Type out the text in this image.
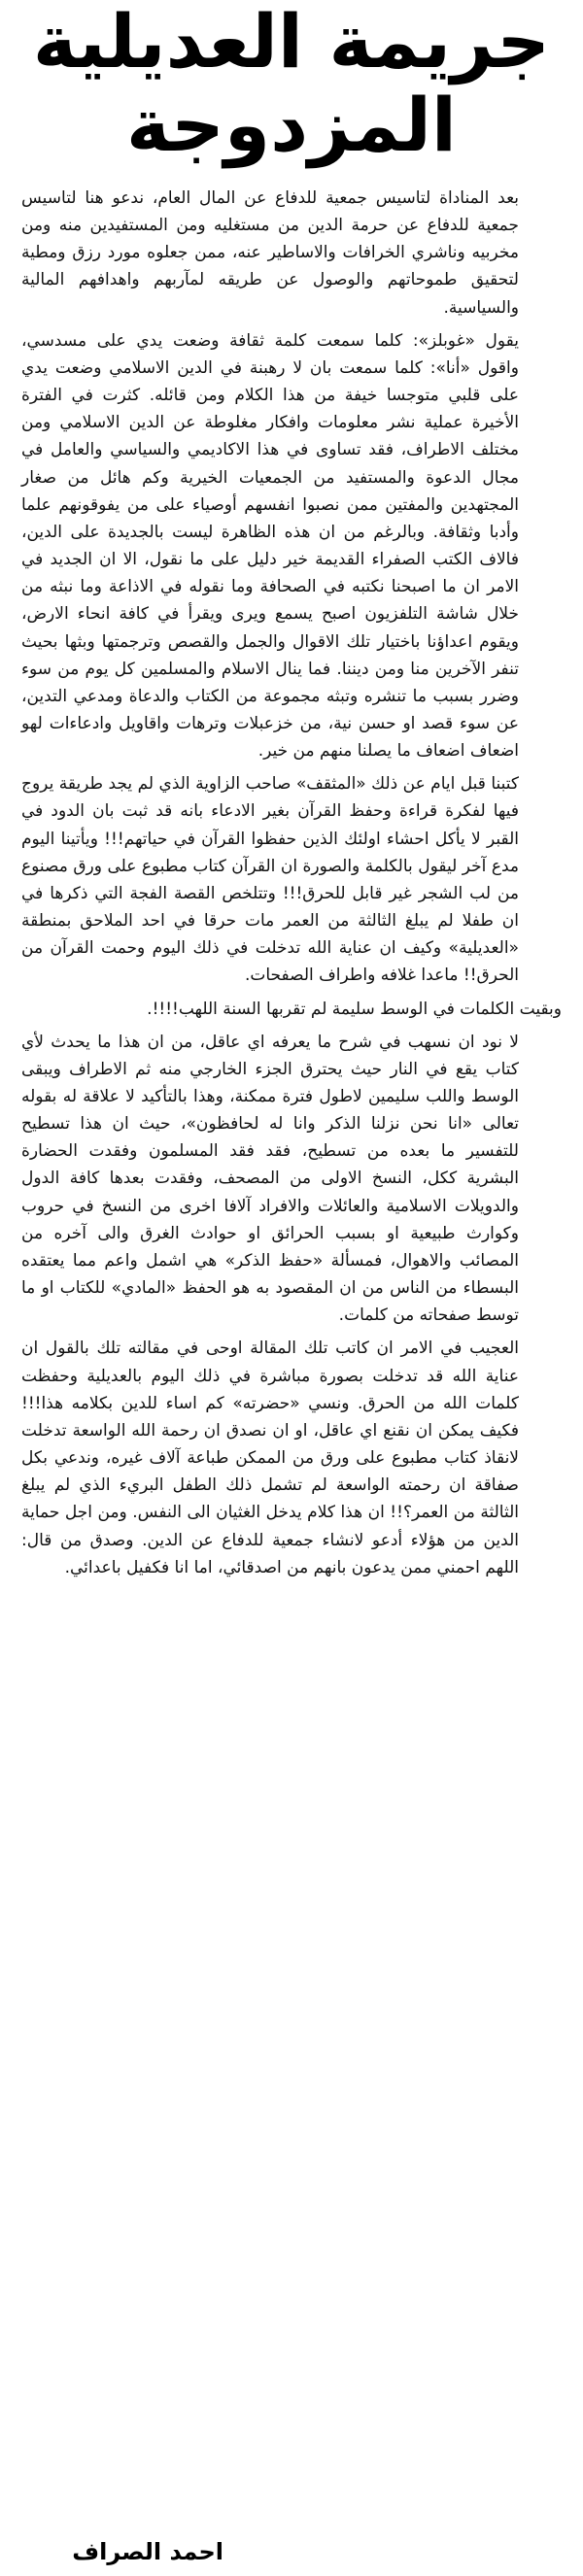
جريمة العديلية
المزدوجة
بعد المناداة لتاسيس جمعية للدفاع عن المال العام، ندعو هنا لتاسيس جمعية للدفاع عن حرمة الدين من مستغليه ومن المستفيدين منه ومن مخربيه وناشري الخرافات والاساطير عنه، ممن جعلوه مورد رزق ومطية لتحقيق طموحاتهم والوصول عن طريقه لمآربهم واهدافهم المالية والسياسية.
يقول «غوبلز»: كلما سمعت كلمة ثقافة وضعت يدي على مسدسي، واقول «أنا»: كلما سمعت بان لا رهبنة في الدين الاسلامي وضعت يدي على قلبي متوجسا خيفة من هذا الكلام ومن قائله. كثرت في الفترة الأخيرة عملية نشر معلومات وافكار مغلوطة عن الدين الاسلامي ومن مختلف الاطراف، فقد تساوى في هذا الاكاديمي والسياسي والعامل في مجال الدعوة والمستفيد من الجمعيات الخيرية وكم هائل من صغار المجتهدين والمفتين ممن نصبوا انفسهم أوصياء على من يفوقونهم علما وأدبا وثقافة. وبالرغم من ان هذه الظاهرة ليست بالجديدة على الدين، فالاف الكتب الصفراء القديمة خير دليل على ما نقول، الا ان الجديد في الامر ان ما اصبحنا نكتبه في الصحافة وما نقوله في الاذاعة وما نبثه من خلال شاشة التلفزيون اصبح يسمع ويرى ويقرأ في كافة انحاء الارض، ويقوم اعداؤنا باختيار تلك الاقوال والجمل والقصص وترجمتها وبثها بحيث تنفر الآخرين منا ومن ديننا. فما ينال الاسلام والمسلمين كل يوم من سوء وضرر بسبب ما تنشره وتبثه مجموعة من الكتاب والدعاة ومدعي التدين، عن سوء قصد او حسن نية، من خزعبلات وترهات واقاويل وادعاءات لهو اضعاف اضعاف ما يصلنا منهم من خير.
كتبنا قبل ايام عن ذلك «المثقف» صاحب الزاوية الذي لم يجد طريقة يروج فيها لفكرة قراءة وحفظ القرآن بغير الادعاء بانه قد ثبت بان الدود في القبر لا يأكل احشاء اولئك الذين حفظوا القرآن في حياتهم!!! ويأتينا اليوم مدع آخر ليقول بالكلمة والصورة ان القرآن كتاب مطبوع على ورق مصنوع من لب الشجر غير قابل للحرق!!! وتتلخص القصة الفجة التي ذكرها في ان طفلا لم يبلغ الثالثة من العمر مات حرقا في احد الملاحق بمنطقة «العديلية» وكيف ان عناية الله تدخلت في ذلك اليوم وحمت القرآن من الحرق!! ماعدا غلافه واطراف الصفحات.
وبقيت الكلمات في الوسط سليمة لم تقربها السنة اللهب!!!!.
لا نود ان نسهب في شرح ما يعرفه اي عاقل، من ان هذا ما يحدث لأي كتاب يقع في النار حيث يحترق الجزء الخارجي منه ثم الاطراف ويبقى الوسط واللب سليمين لاطول فترة ممكنة، وهذا بالتأكيد لا علاقة له بقوله تعالى «انا نحن نزلنا الذكر وانا له لحافظون»، حيث ان هذا تسطيح للتفسير ما بعده من تسطيح، فقد فقد المسلمون وفقدت الحضارة البشرية ككل، النسخ الاولى من المصحف، وفقدت بعدها كافة الدول والدويلات الاسلامية والعائلات والافراد آلافا اخرى من النسخ في حروب وكوارث طبيعية او بسبب الحرائق او حوادث الغرق والى آخره من المصائب والاهوال، فمسألة «حفظ الذكر» هي اشمل واعم مما يعتقده البسطاء من الناس من ان المقصود به هو الحفظ «المادي» للكتاب او ما توسط صفحاته من كلمات.
العجيب في الامر ان كاتب تلك المقالة اوحى في مقالته تلك بالقول ان عناية الله قد تدخلت بصورة مباشرة في ذلك اليوم بالعديلية وحفظت كلمات الله من الحرق. ونسي «حضرته» كم اساء للدين بكلامه هذا!!! فكيف يمكن ان نقنع اي عاقل، او ان نصدق ان رحمة الله الواسعة تدخلت لانقاذ كتاب مطبوع على ورق من الممكن طباعة آلاف غيره، وندعي بكل صفاقة ان رحمته الواسعة لم تشمل ذلك الطفل البريء الذي لم يبلغ الثالثة من العمر؟!! ان هذا كلام يدخل الغثيان الى النفس. ومن اجل حماية الدين من هؤلاء أدعو لانشاء جمعية للدفاع عن الدين. وصدق من قال: اللهم احمني ممن يدعون بانهم من اصدقائي، اما انا فكفيل باعدائي.
احمد الصراف
